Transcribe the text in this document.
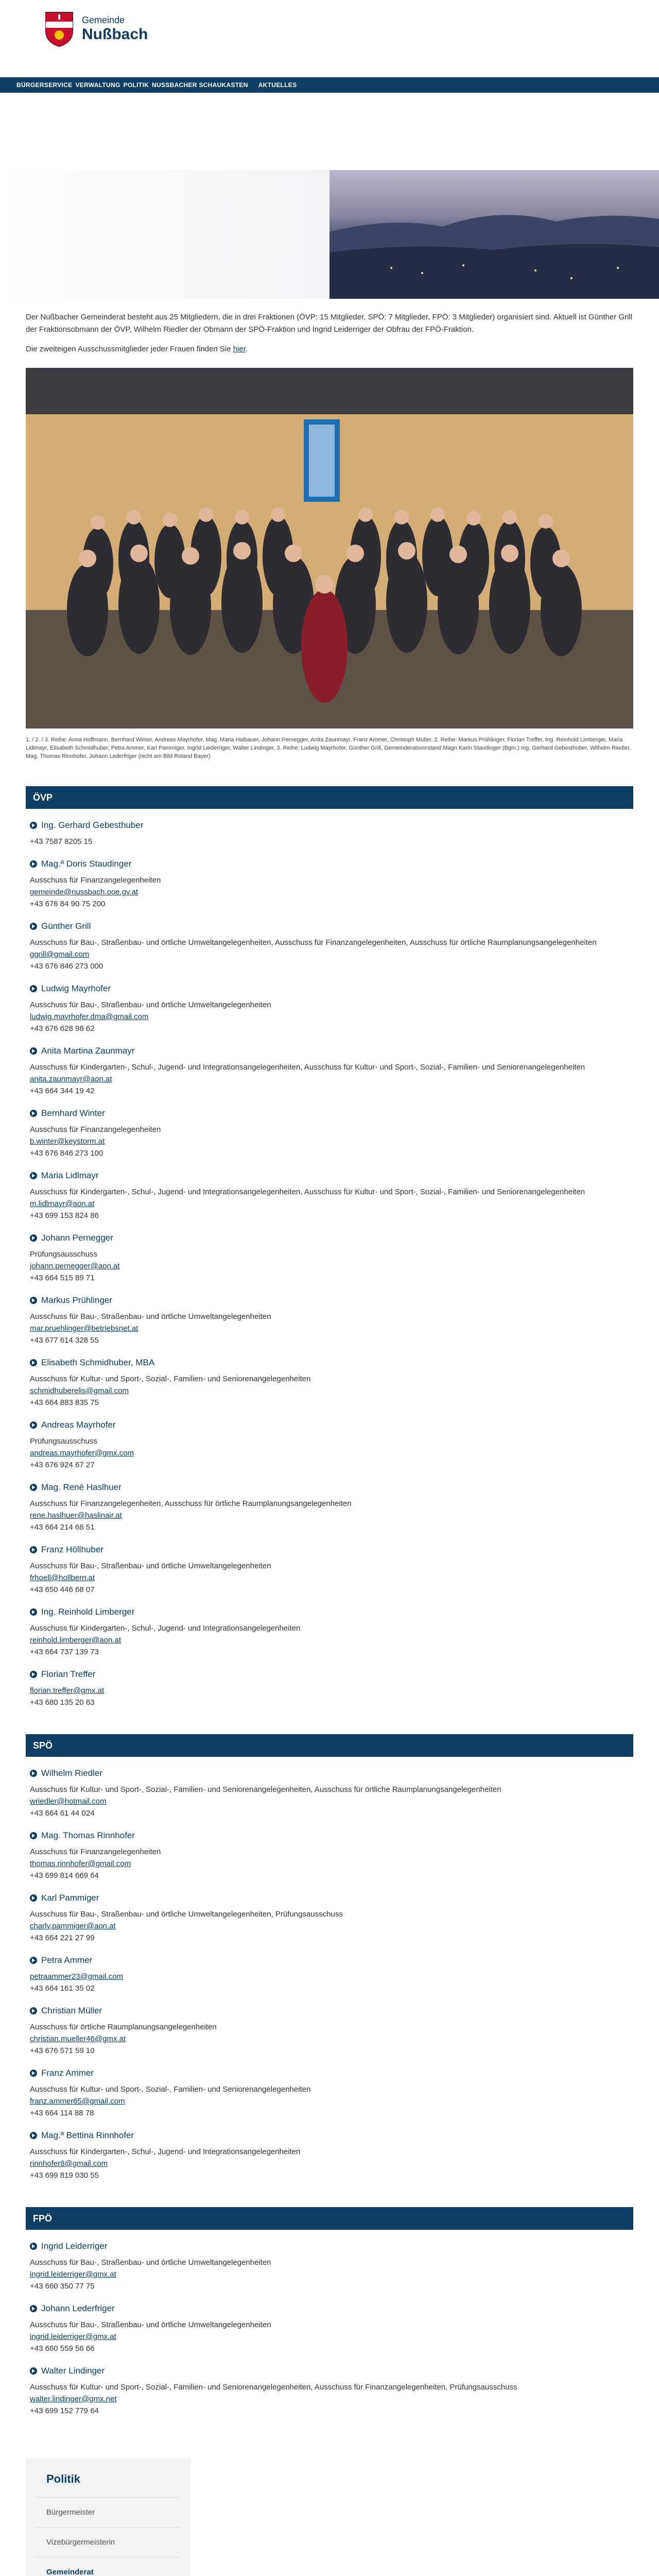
Gemeinde
Nußbach
BÜRGERSERVICE VERWALTUNG POLITIK NUSSBACHER SCHAUKASTEN AKTUELLES

Der Nußbacher Gemeinderat besteht aus 25 Mitgliedern, die in drei Fraktionen (ÖVP: 15 Mitglieder, SPÖ: 7 Mitglieder, FPÖ: 3 Mitglieder) organisiert sind. Aktuell ist Günther Grill der Fraktionsobmann der ÖVP, Wilhelm Riedler der Obmann der SPÖ-Fraktion und Ingrid Leiderriger der Obfrau der FPÖ-Fraktion.

Die zweiteigen Ausschussmitglieder jeder Frauen finden Sie hier.

1. / 2. / 3. Reihe: Anna Hoffmann, Bernhard Winter, Andreas Mayrhofer, Mag. Maria Halbauer, Johann Pernegger, Anita Zaunmayr, Franz Ammer, Christoph Müller, 2. Reihe: Markus Prühlinger, Florian Treffer, Ing. Reinhold Limberger, Maria Lidlmayr, Elisabeth Schmidhuber, Petra Ammer, Karl Pammiger, Ingrid Leiderriger, Walter Lindinger, 3. Reihe: Ludwig Mayrhofer, Günther Grill, Gemeinderatsvorstand Magn Karin Staudinger (Bgm.) Ing. Gerhard Gebesthuber, Wilhelm Riedler, Mag. Thomas Rinnhofer, Johann Lederfriger (nicht am Bild Roland Bayer)

ÖVP
Ing. Gerhard Gebesthuber
+43 7587 8205 15
Mag.ª Doris Staudinger
Ausschuss für Finanzangelegenheiten
gemeinde@nussbach.ooe.gv.at
+43 676 84 90 75 200
Günther Grill
Ausschuss für Bau-, Straßenbau- und örtliche Umweltangelegenheiten, Ausschuss für Finanzangelegenheiten, Ausschuss für örtliche Raumplanungsangelegenheiten
ggrill@gmail.com
+43 676 846 273 000
Ludwig Mayrhofer
Ausschuss für Bau-, Straßenbau- und örtliche Umweltangelegenheiten
ludwig.mayrhofer.dma@gmail.com
+43 676 628 98 62
Anita Martina Zaunmayr
Ausschuss für Kindergarten-, Schul-, Jugend- und Integrationsangelegenheiten, Ausschuss für Kultur- und Sport-, Sozial-, Familien- und Seniorenangelegenheiten
anita.zaunmayr@aon.at
+43 664 344 19 42
Bernhard Winter
Ausschuss für Finanzangelegenheiten
b.winter@keystorm.at
+43 676 846 273 100
Maria Lidlmayr
Ausschuss für Kindergarten-, Schul-, Jugend- und Integrationsangelegenheiten, Ausschuss für Kultur- und Sport-, Sozial-, Familien- und Seniorenangelegenheiten
m.lidlmayr@aon.at
+43 699 153 824 86
Johann Pernegger
Prüfungsausschuss
johann.pernegger@aon.at
+43 664 515 89 71
Markus Prühlinger
Ausschuss für Bau-, Straßenbau- und örtliche Umweltangelegenheiten
mar.pruehlinger@betriebsnet.at
+43 677 614 328 55
Elisabeth Schmidhuber, MBA
Ausschuss für Kultur- und Sport-, Sozial-, Familien- und Seniorenangelegenheiten
schmidhuberelis@gmail.com
+43 664 883 835 75
Andreas Mayrhofer
Prüfungsausschuss
andreas.mayrhofer@gmx.com
+43 676 924 67 27
Mag. René Haslhuer
Ausschuss für Finanzangelegenheiten, Ausschuss für örtliche Raumplanungsangelegenheiten
rene.haslhuer@haslinair.at
+43 664 214 68 51
Franz Höllhuber
Ausschuss für Bau-, Straßenbau- und örtliche Umweltangelegenheiten
frhoell@hollbern.at
+43 650 446 68 07
Ing. Reinhold Limberger
Ausschuss für Kindergarten-, Schul-, Jugend- und Integrationsangelegenheiten
reinhold.limberger@aon.at
+43 664 737 139 73
Florian Treffer
florian.treffer@gmx.at
+43 680 135 20 63
SPÖ
Wilhelm Riedler
Ausschuss für Kultur- und Sport-, Sozial-, Familien- und Seniorenangelegenheiten, Ausschuss für örtliche Raumplanungsangelegenheiten
wriedler@hotmail.com
+43 664 61 44 024
Mag. Thomas Rinnhofer
Ausschuss für Finanzangelegenheiten
thomas.rinnhofer@gmail.com
+43 699 814 669 64
Karl Pammiger
Ausschuss für Bau-, Straßenbau- und örtliche Umweltangelegenheiten, Prüfungsausschuss
charly.pammiger@aon.at
+43 664 221 27 99
Petra Ammer
petraammer23@gmail.com
+43 664 161 35 02
Christian Müller
Ausschuss für örtliche Raumplanungsangelegenheiten
christian.mueller46@gmx.at
+43 676 571 59 10
Franz Ammer
Ausschuss für Kultur- und Sport-, Sozial-, Familien- und Seniorenangelegenheiten
franz.ammer65@gmail.com
+43 664 114 88 78
Mag.ª Bettina Rinnhofer
Ausschuss für Kindergarten-, Schul-, Jugend- und Integrationsangelegenheiten
rinnhofer8@gmail.com
+43 699 819 030 55
FPÖ
Ingrid Leiderriger
Ausschuss für Bau-, Straßenbau- und örtliche Umweltangelegenheiten
ingrid.leiderriger@gmx.at
+43 660 350 77 75
Johann Lederfriger
Ausschuss für Bau-, Straßenbau- und örtliche Umweltangelegenheiten
ingrid.leiderriger@gmx.at
+43 660 559 56 66
Walter Lindinger
Ausschuss für Kultur- und Sport-, Sozial-, Familien- und Seniorenangelegenheiten, Ausschuss für Finanzangelegenheiten, Prüfungsausschuss
walter.lindinger@gmx.net
+43 699 152 779 64
Politik
Bürgermeister
Vizebürgermeisterin
Gemeinderat
